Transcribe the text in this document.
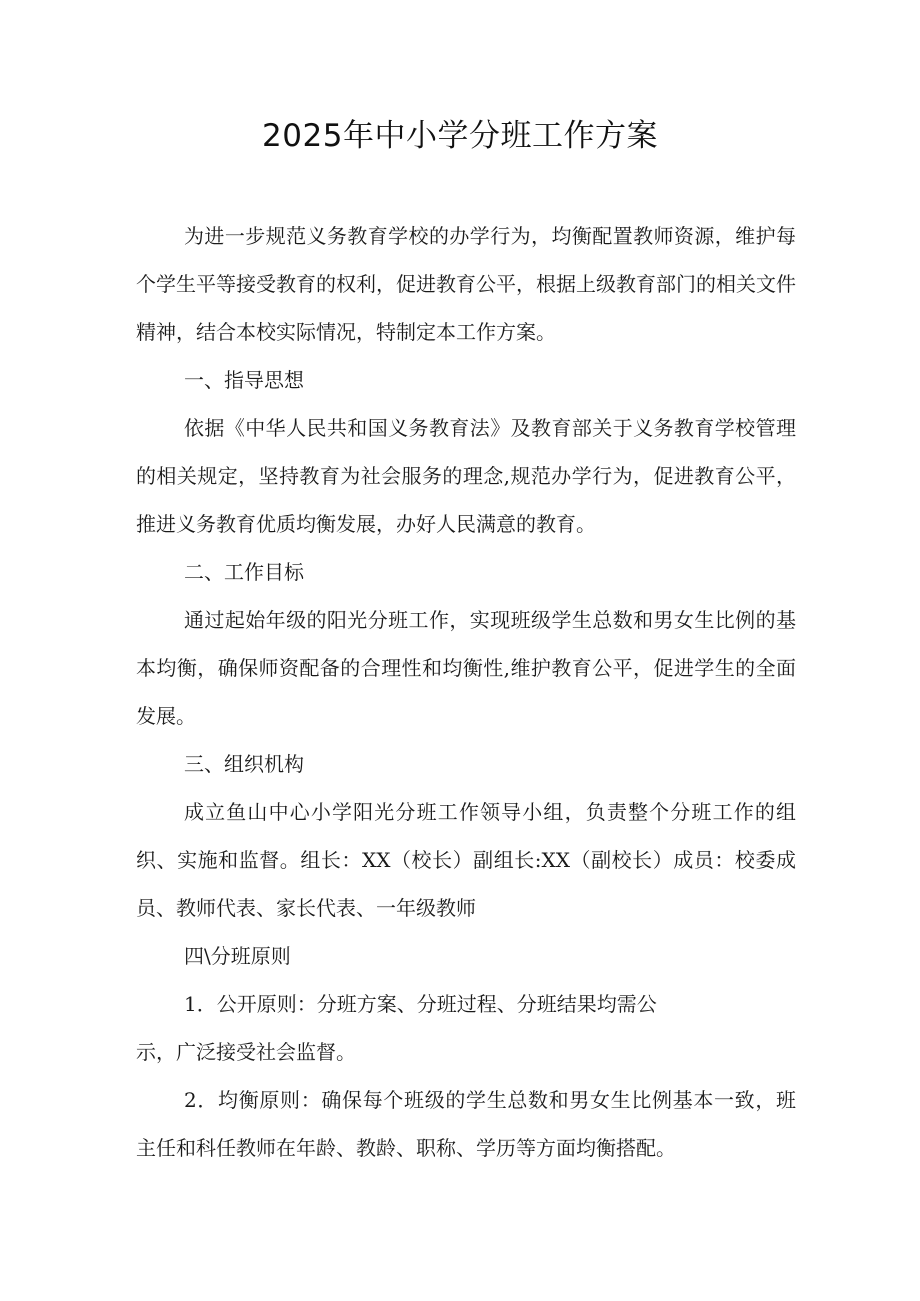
2025年中小学分班工作方案

为进一步规范义务教育学校的办学行为，均衡配置教师资源，维护每个学生平等接受教育的权利，促进教育公平，根据上级教育部门的相关文件精神，结合本校实际情况，特制定本工作方案。

一、指导思想

依据《中华人民共和国义务教育法》及教育部关于义务教育学校管理的相关规定，坚持教育为社会服务的理念,规范办学行为，促进教育公平，推进义务教育优质均衡发展，办好人民满意的教育。

二、工作目标

通过起始年级的阳光分班工作，实现班级学生总数和男女生比例的基本均衡，确保师资配备的合理性和均衡性,维护教育公平，促进学生的全面发展。

三、组织机构

成立鱼山中心小学阳光分班工作领导小组，负责整个分班工作的组织、实施和监督。组长：XX（校长）副组长:XX（副校长）成员：校委成员、教师代表、家长代表、一年级教师

四\分班原则

1．公开原则：分班方案、分班过程、分班结果均需公

示，广泛接受社会监督。

2．均衡原则：确保每个班级的学生总数和男女生比例基本一致，班主任和科任教师在年龄、教龄、职称、学历等方面均衡搭配。
